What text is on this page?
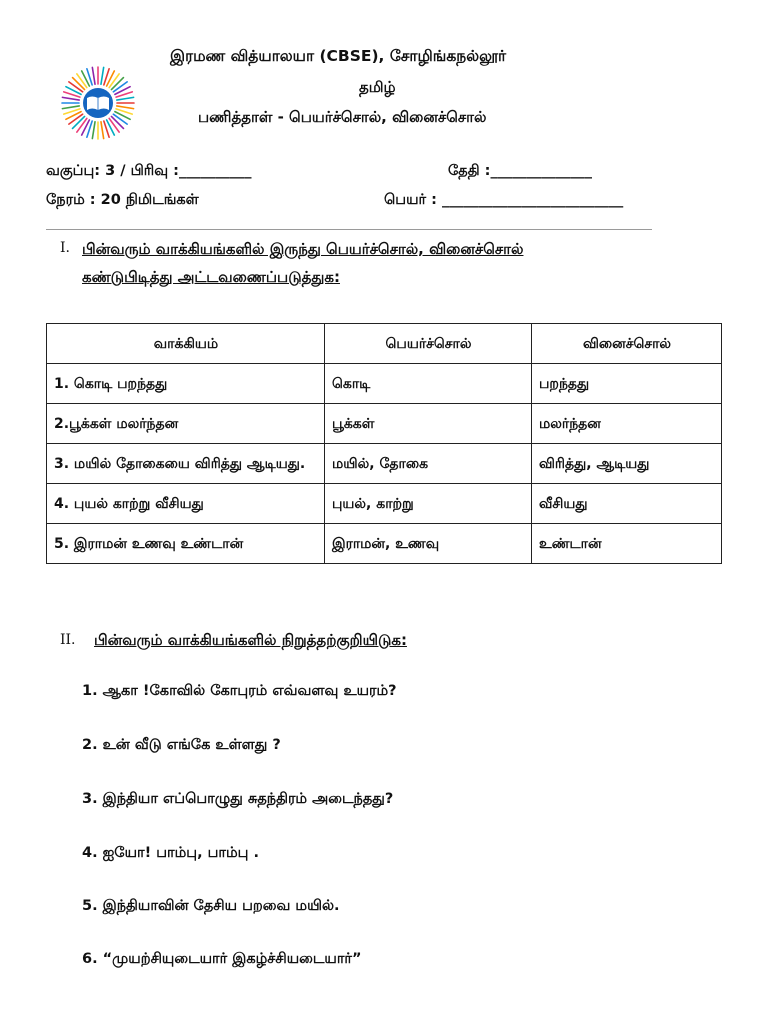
இரமண வித்யாலயா (CBSE), சோழிங்கநல்லூர்
தமிழ்
பணித்தாள் - பெயர்ச்சொல், வினைச்சொல்
வகுப்பு: 3 / பிரிவு :__________	தேதி :______________
நேரம் : 20 நிமிடங்கள்	பெயர் : _________________________
I. பின்வரும் வாக்கியங்களில் இருந்து பெயர்ச்சொல், வினைச்சொல்
கண்டுபிடித்து அட்டவணைப்படுத்துக:
வாக்கியம்	பெயர்ச்சொல்	வினைச்சொல்
1. கொடி பறந்தது	கொடி	பறந்தது
2.பூக்கள் மலர்ந்தன	பூக்கள்	மலர்ந்தன
3. மயில் தோகையை விரித்து ஆடியது.	மயில், தோகை	விரித்து, ஆடியது
4. புயல் காற்று வீசியது	புயல், காற்று	வீசியது
5. இராமன் உணவு உண்டான்	இராமன், உணவு	உண்டான்
II. பின்வரும் வாக்கியங்களில் நிறுத்தற்குறியிடுக:
1. ஆகா !கோவில் கோபுரம் எவ்வளவு உயரம்?
2. உன் வீடு எங்கே உள்ளது ?
3. இந்தியா எப்பொழுது சுதந்திரம் அடைந்தது?
4. ஐயோ! பாம்பு, பாம்பு .
5. இந்தியாவின் தேசிய பறவை மயில்.
6. “முயற்சியுடையார் இகழ்ச்சியடையார்”
